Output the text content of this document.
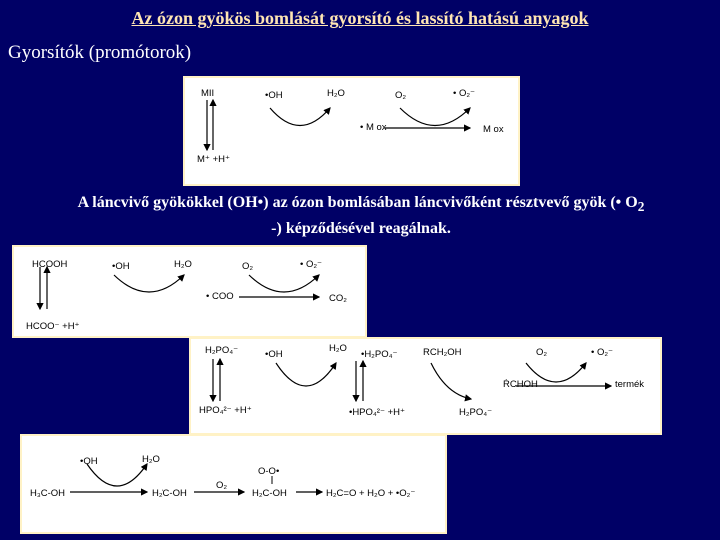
Az ózon gyökös bomlását gyorsító és lassító hatású anyagok
Gyorsítók (promótorok)
MII	•OH	H₂O	O₂	• O₂⁻
• M ox	M ox
M⁺ +H⁺
A láncvivő gyökökkel (OH•) az ózon bomlásában láncvivőként résztvevő gyök (• $O_2$
-) képződésével reagálnak.
HCOOH	•OH	H₂O	O₂	• O₂⁻
• COO	CO₂
HCOO⁻ +H⁺
H₂PO₄⁻	•OH
H₂O
•H₂PO₄⁻	RCH₂OH	O₂	• O₂⁻
ṘCHOH	termék
HPO₄²⁻ +H⁺	•HPO₄²⁻ +H⁺	H₂PO₄⁻
•OH	H₂O
H₃C-OH	H₂̇C-OH
O₂
O-O•
H₂C-OH	H₂C=O + H₂O + •O₂⁻
